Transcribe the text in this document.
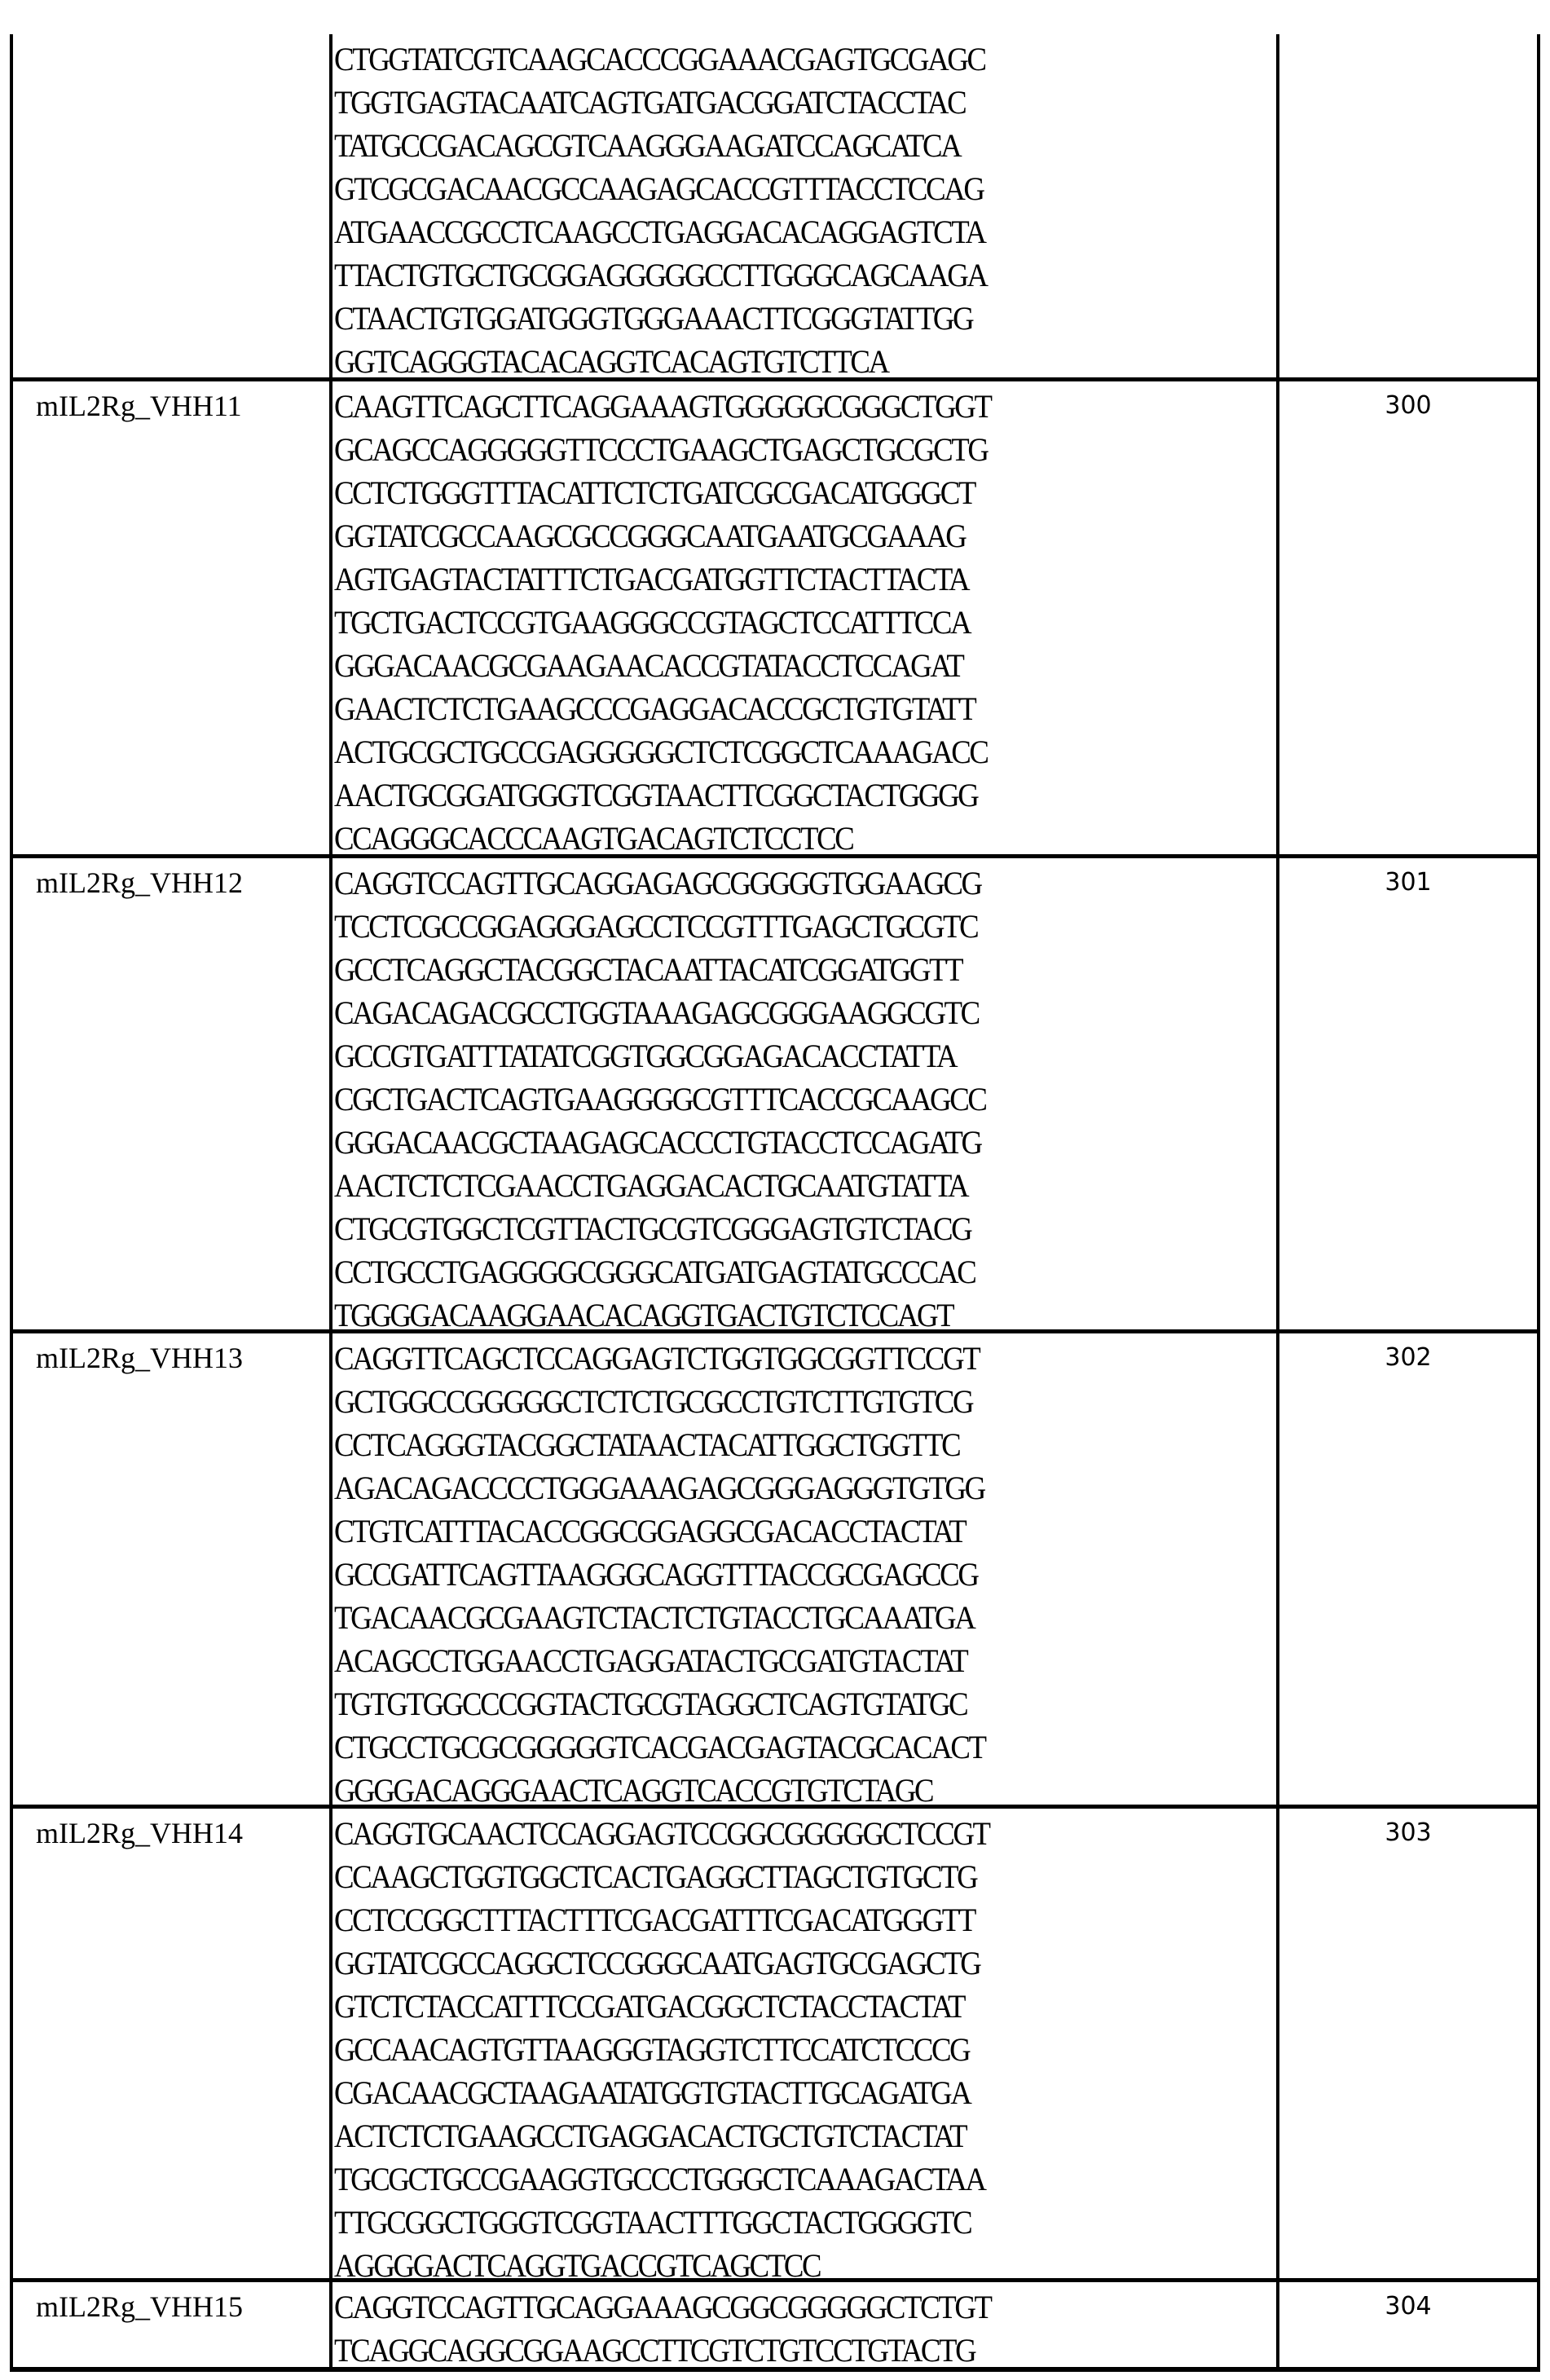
CTGGTATCGTCAAGCACCCGGAAACGAGTGCGAGC
TGGTGAGTACAATCAGTGATGACGGATCTACCTAC
TATGCCGACAGCGTCAAGGGAAGATCCAGCATCA
GTCGCGACAACGCCAAGAGCACCGTTTACCTCCAG
ATGAACCGCCTCAAGCCTGAGGACACAGGAGTCTA
TTACTGTGCTGCGGAGGGGGCCTTGGGCAGCAAGA
CTAACTGTGGATGGGTGGGAAACTTCGGGTATTGG
GGTCAGGGTACACAGGTCACAGTGTCTTCA
mIL2Rg_VHH11	CAAGTTCAGCTTCAGGAAAGTGGGGGCGGGCTGGT
GCAGCCAGGGGGTTCCCTGAAGCTGAGCTGCGCTG
CCTCTGGGTTTACATTCTCTGATCGCGACATGGGCT
GGTATCGCCAAGCGCCGGGCAATGAATGCGAAAG
AGTGAGTACTATTTCTGACGATGGTTCTACTTACTA
TGCTGACTCCGTGAAGGGCCGTAGCTCCATTTCCA
GGGACAACGCGAAGAACACCGTATACCTCCAGAT
GAACTCTCTGAAGCCCGAGGACACCGCTGTGTATT
ACTGCGCTGCCGAGGGGGCTCTCGGCTCAAAGACC
AACTGCGGATGGGTCGGTAACTTCGGCTACTGGGG
CCAGGGCACCCAAGTGACAGTCTCCTCC
300
mIL2Rg_VHH12	CAGGTCCAGTTGCAGGAGAGCGGGGGTGGAAGCG
TCCTCGCCGGAGGGAGCCTCCGTTTGAGCTGCGTC
GCCTCAGGCTACGGCTACAATTACATCGGATGGTT
CAGACAGACGCCTGGTAAAGAGCGGGAAGGCGTC
GCCGTGATTTATATCGGTGGCGGAGACACCTATTA
CGCTGACTCAGTGAAGGGGCGTTTCACCGCAAGCC
GGGACAACGCTAAGAGCACCCTGTACCTCCAGATG
AACTCTCTCGAACCTGAGGACACTGCAATGTATTA
CTGCGTGGCTCGTTACTGCGTCGGGAGTGTCTACG
CCTGCCTGAGGGGCGGGCATGATGAGTATGCCCAC
TGGGGACAAGGAACACAGGTGACTGTCTCCAGT
301
mIL2Rg_VHH13	CAGGTTCAGCTCCAGGAGTCTGGTGGCGGTTCCGT
GCTGGCCGGGGGCTCTCTGCGCCTGTCTTGTGTCG
CCTCAGGGTACGGCTATAACTACATTGGCTGGTTC
AGACAGACCCCTGGGAAAGAGCGGGAGGGTGTGG
CTGTCATTTACACCGGCGGAGGCGACACCTACTAT
GCCGATTCAGTTAAGGGCAGGTTTACCGCGAGCCG
TGACAACGCGAAGTCTACTCTGTACCTGCAAATGA
ACAGCCTGGAACCTGAGGATACTGCGATGTACTAT
TGTGTGGCCCGGTACTGCGTAGGCTCAGTGTATGC
CTGCCTGCGCGGGGGTCACGACGAGTACGCACACT
GGGGACAGGGAACTCAGGTCACCGTGTCTAGC
302
mIL2Rg_VHH14	CAGGTGCAACTCCAGGAGTCCGGCGGGGGCTCCGT
CCAAGCTGGTGGCTCACTGAGGCTTAGCTGTGCTG
CCTCCGGCTTTACTTTCGACGATTTCGACATGGGTT
GGTATCGCCAGGCTCCGGGCAATGAGTGCGAGCTG
GTCTCTACCATTTCCGATGACGGCTCTACCTACTAT
GCCAACAGTGTTAAGGGTAGGTCTTCCATCTCCCG
CGACAACGCTAAGAATATGGTGTACTTGCAGATGA
ACTCTCTGAAGCCTGAGGACACTGCTGTCTACTAT
TGCGCTGCCGAAGGTGCCCTGGGCTCAAAGACTAA
TTGCGGCTGGGTCGGTAACTTTGGCTACTGGGGTC
AGGGGACTCAGGTGACCGTCAGCTCC
303
mIL2Rg_VHH15	CAGGTCCAGTTGCAGGAAAGCGGCGGGGGCTCTGT
TCAGGCAGGCGGAAGCCTTCGTCTGTCCTGTACTG
304
